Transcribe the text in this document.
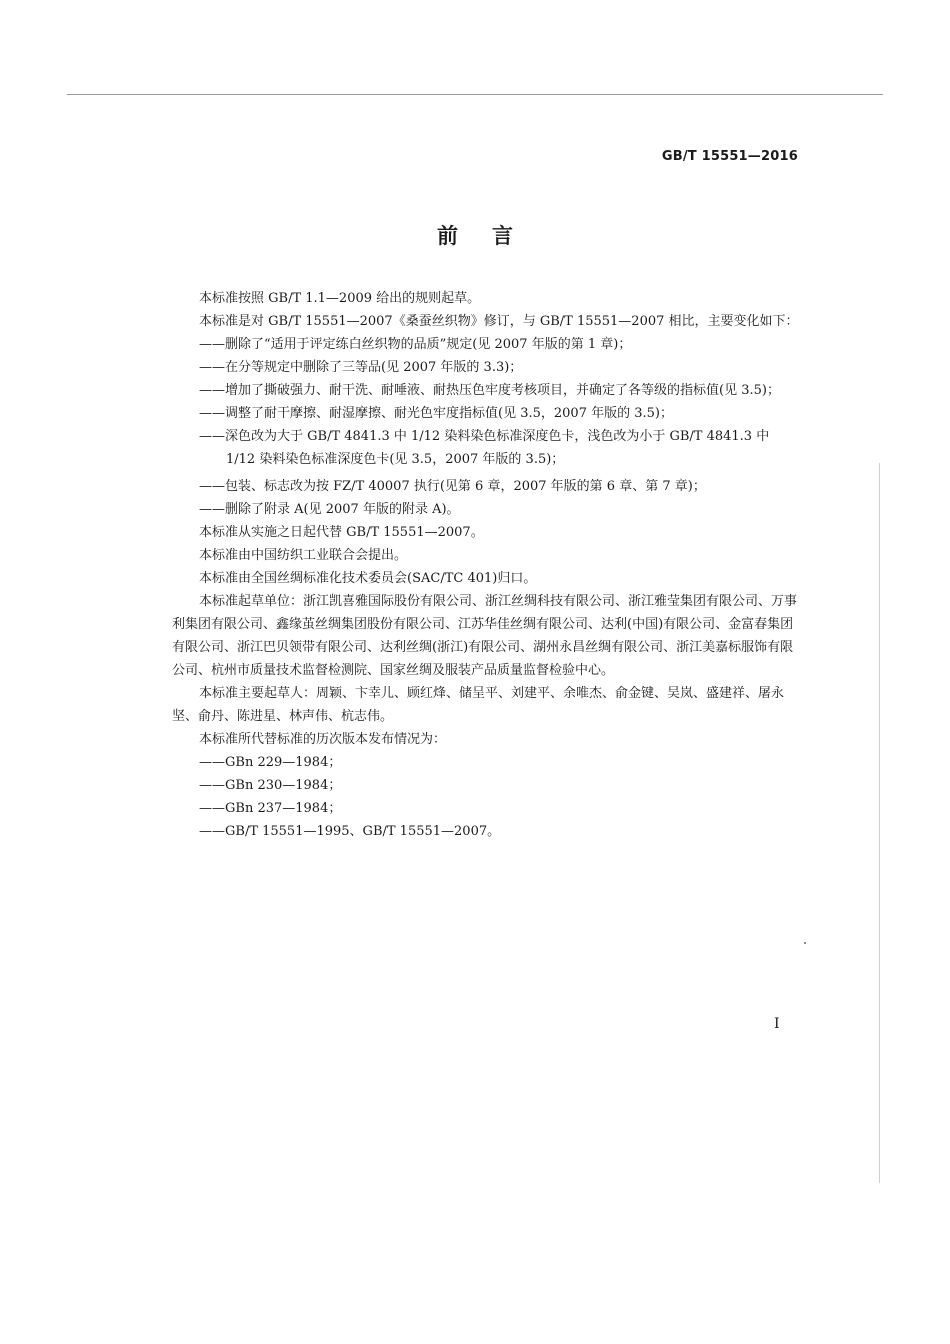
GB/T 15551—2016
前言

本标准按照 GB/T 1.1—2009 给出的规则起草。

本标准是对 GB/T 15551—2007《桑蚕丝织物》修订，与 GB/T 15551—2007 相比，主要变化如下：

——删除了“适用于评定练白丝织物的品质”规定(见 2007 年版的第 1 章)；

——在分等规定中删除了三等品(见 2007 年版的 3.3)；

——增加了撕破强力、耐干洗、耐唾液、耐热压色牢度考核项目，并确定了各等级的指标值(见 3.5)；

——调整了耐干摩擦、耐湿摩擦、耐光色牢度指标值(见 3.5，2007 年版的 3.5)；

——深色改为大于 GB/T 4841.3 中 1/12 染料染色标准深度色卡，浅色改为小于 GB/T 4841.3 中 1/12 染料染色标准深度色卡(见 3.5，2007 年版的 3.5)；

——包装、标志改为按 FZ/T 40007 执行(见第 6 章，2007 年版的第 6 章、第 7 章)；

——删除了附录 A(见 2007 年版的附录 A)。

本标准从实施之日起代替 GB/T 15551—2007。

本标准由中国纺织工业联合会提出。

本标准由全国丝绸标准化技术委员会(SAC/TC 401)归口。

本标准起草单位：浙江凯喜雅国际股份有限公司、浙江丝绸科技有限公司、浙江雅莹集团有限公司、万事利集团有限公司、鑫缘茧丝绸集团股份有限公司、江苏华佳丝绸有限公司、达利(中国)有限公司、金富春集团有限公司、浙江巴贝领带有限公司、达利丝绸(浙江)有限公司、湖州永昌丝绸有限公司、浙江美嘉标服饰有限公司、杭州市质量技术监督检测院、国家丝绸及服装产品质量监督检验中心。

本标准主要起草人：周颖、卞幸儿、顾红烽、储呈平、刘建平、余唯杰、俞金键、吴岚、盛建祥、屠永坚、俞丹、陈进星、林声伟、杭志伟。

本标准所代替标准的历次版本发布情况为：

——GBn 229—1984；

——GBn 230—1984；

——GBn 237—1984；

——GB/T 15551—1995、GB/T 15551—2007。

I
